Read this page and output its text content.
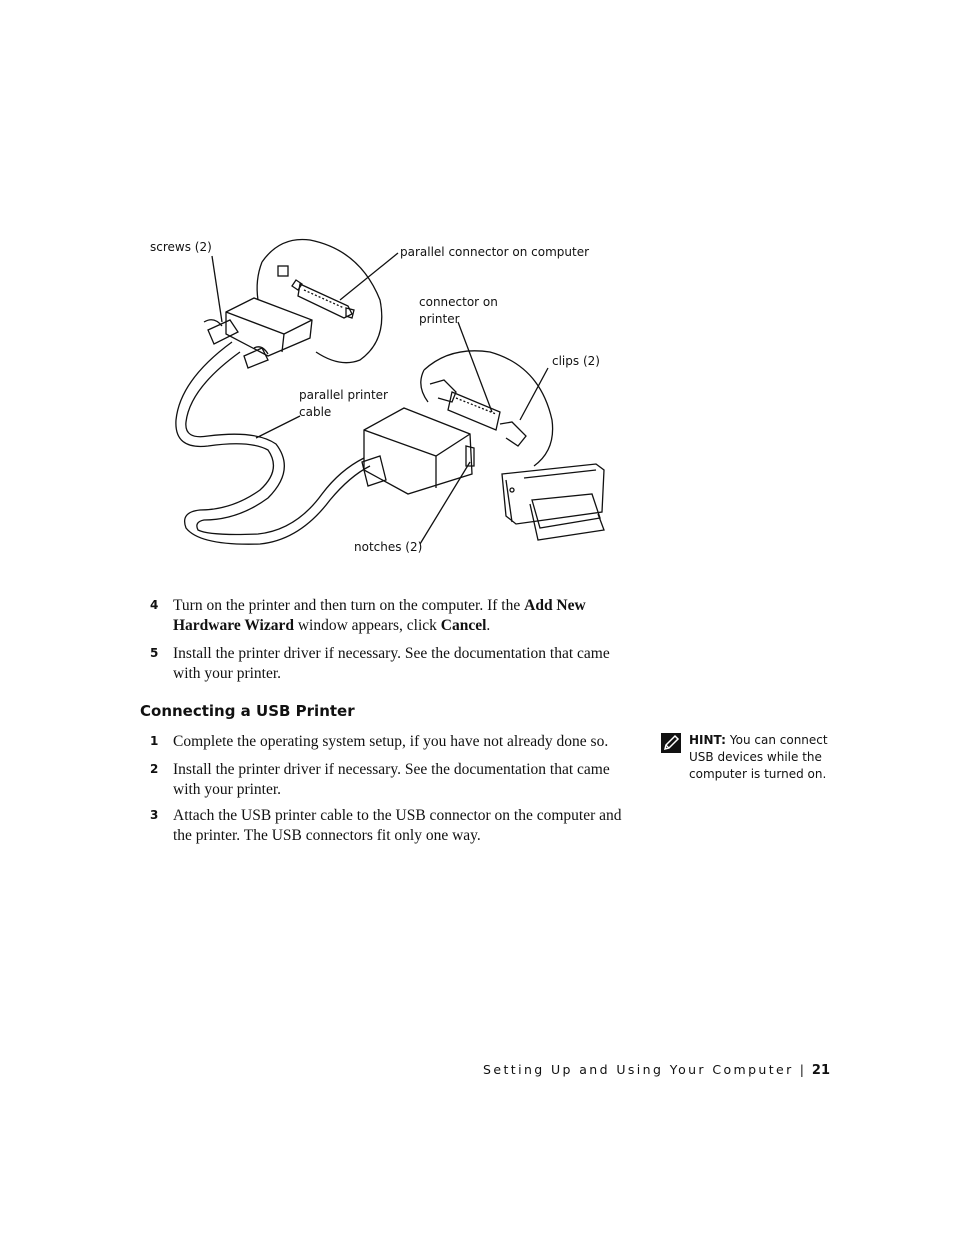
screws (2)	parallel connector on computer
connector on
printer
clips (2)
parallel printer
cable
notches (2)
4 Turn on the printer and then turn on the computer. If the Add New Hardware Wizard window appears, click Cancel.
5 Install the printer driver if necessary. See the documentation that came with your printer.
Connecting a USB Printer
1 Complete the operating system setup, if you have not already done so.
2 Install the printer driver if necessary. See the documentation that came with your printer.
3 Attach the USB printer cable to the USB connector on the computer and the printer. The USB connectors fit only one way.
HINT: You can connect USB devices while the computer is turned on.
Setting Up and Using Your Computer | 21
